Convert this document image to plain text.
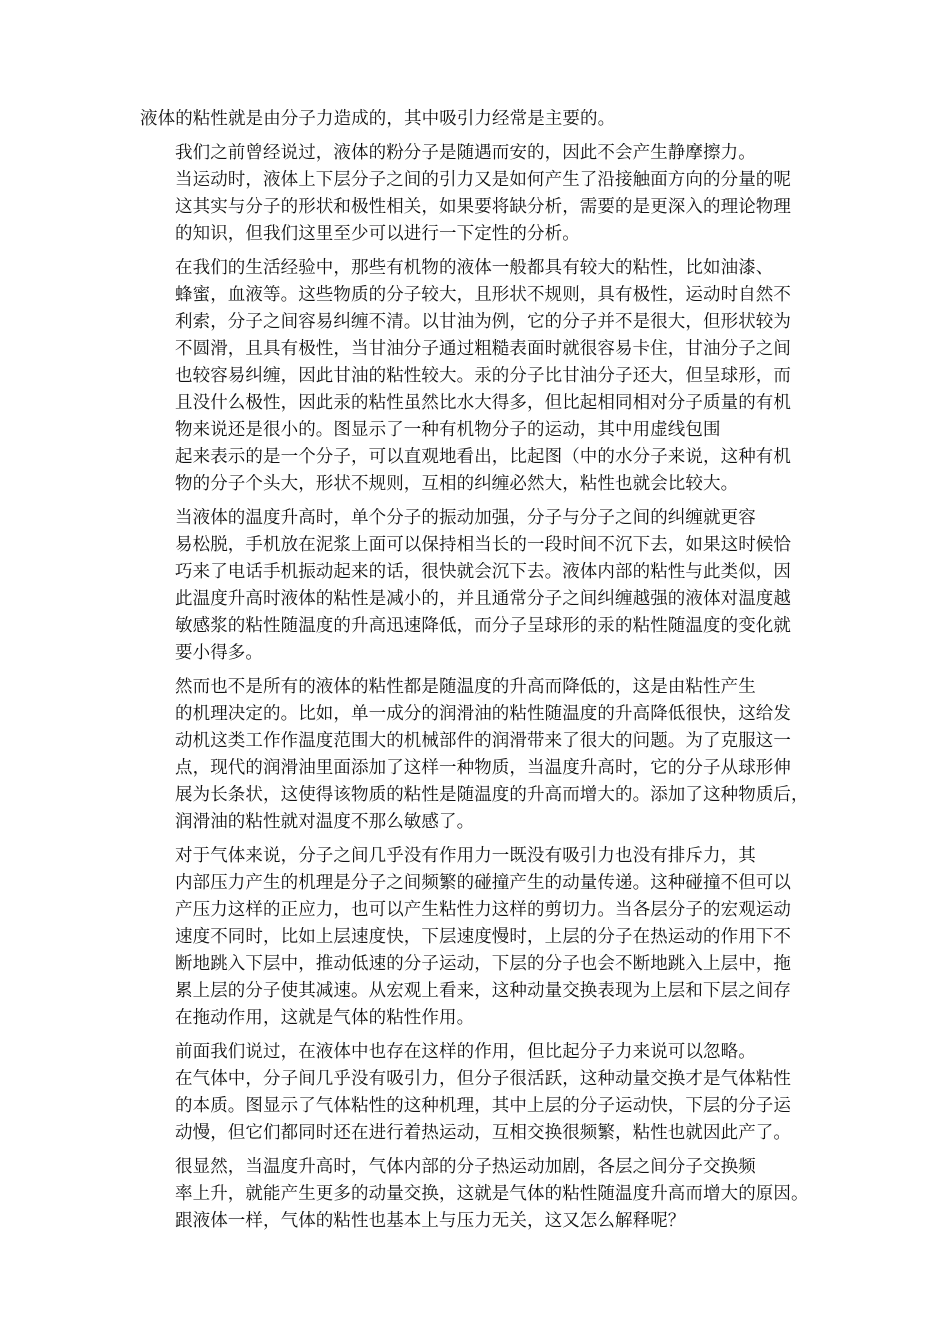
液体的粘性就是由分子力造成的，其中吸引力经常是主要的。

我们之前曾经说过，液体的粉分子是随遇而安的，因此不会产生静摩擦力。
当运动时，液体上下层分子之间的引力又是如何产生了沿接触面方向的分量的呢
这其实与分子的形状和极性相关，如果要将缺分析，需要的是更深入的理论物理
的知识，但我们这里至少可以进行一下定性的分析。

在我们的生活经验中，那些有机物的液体一般都具有较大的粘性，比如油漆、
蜂蜜，血液等。这些物质的分子较大，且形状不规则，具有极性，运动时自然不
利索，分子之间容易纠缠不清。以甘油为例，它的分子并不是很大，但形状较为
不圆滑，且具有极性，当甘油分子通过粗糙表面时就很容易卡住，甘油分子之间
也较容易纠缠，因此甘油的粘性较大。汞的分子比甘油分子还大，但呈球形，而
且没什么极性，因此汞的粘性虽然比水大得多，但比起相同相对分子质量的有机
物来说还是很小的。图显示了一种有机物分子的运动，其中用虚线包围
起来表示的是一个分子，可以直观地看出，比起图（中的水分子来说，这种有机
物的分子个头大，形状不规则，互相的纠缠必然大，粘性也就会比较大。

当液体的温度升高时，单个分子的振动加强，分子与分子之间的纠缠就更容
易松脱，手机放在泥浆上面可以保持相当长的一段时间不沉下去，如果这时候恰
巧来了电话手机振动起来的话，很快就会沉下去。液体内部的粘性与此类似，因
此温度升高时液体的粘性是减小的，并且通常分子之间纠缠越强的液体对温度越
敏感浆的粘性随温度的升高迅速降低，而分子呈球形的汞的粘性随温度的变化就
要小得多。

然而也不是所有的液体的粘性都是随温度的升高而降低的，这是由粘性产生
的机理决定的。比如，单一成分的润滑油的粘性随温度的升高降低很快，这给发
动机这类工作作温度范围大的机械部件的润滑带来了很大的问题。为了克服这一
点，现代的润滑油里面添加了这样一种物质，当温度升高时，它的分子从球形伸
展为长条状，这使得该物质的粘性是随温度的升高而增大的。添加了这种物质后，
润滑油的粘性就对温度不那么敏感了。

对于气体来说，分子之间几乎没有作用力一既没有吸引力也没有排斥力，其
内部压力产生的机理是分子之间频繁的碰撞产生的动量传递。这种碰撞不但可以
产压力这样的正应力，也可以产生粘性力这样的剪切力。当各层分子的宏观运动
速度不同时，比如上层速度快，下层速度慢时，上层的分子在热运动的作用下不
断地跳入下层中，推动低速的分子运动，下层的分子也会不断地跳入上层中，拖
累上层的分子使其减速。从宏观上看来，这种动量交换表现为上层和下层之间存
在拖动作用，这就是气体的粘性作用。

前面我们说过，在液体中也存在这样的作用，但比起分子力来说可以忽略。
在气体中，分子间几乎没有吸引力，但分子很活跃，这种动量交换才是气体粘性
的本质。图显示了气体粘性的这种机理，其中上层的分子运动快，下层的分子运
动慢，但它们都同时还在进行着热运动，互相交换很频繁，粘性也就因此产了。

很显然，当温度升高时，气体内部的分子热运动加剧，各层之间分子交换频
率上升，就能产生更多的动量交换，这就是气体的粘性随温度升高而增大的原因。
跟液体一样，气体的粘性也基本上与压力无关，这又怎么解释呢？
